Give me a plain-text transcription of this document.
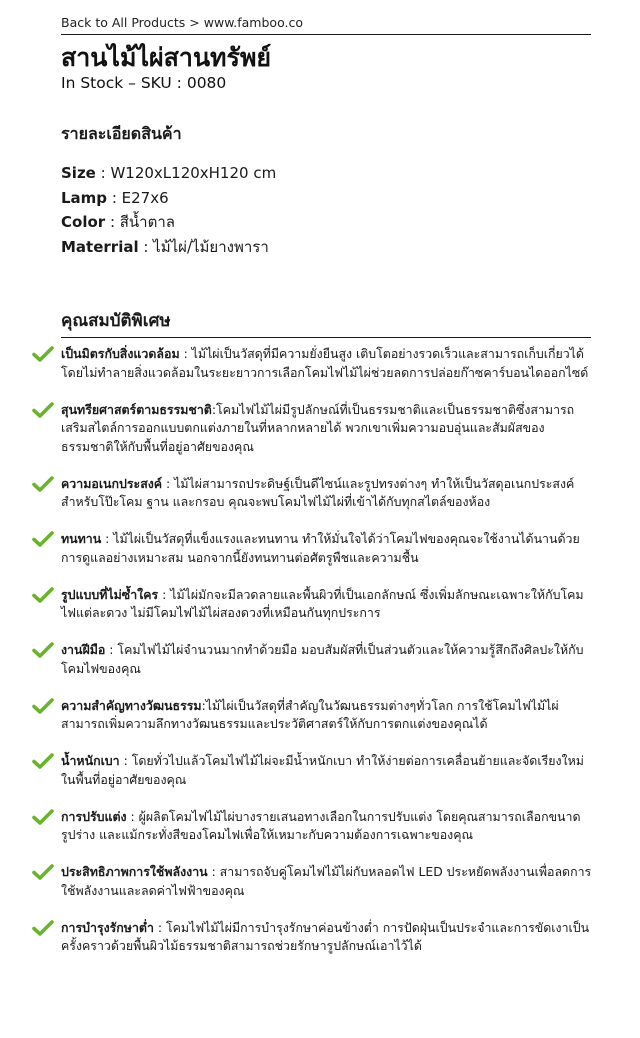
Back to All Products > www.famboo.co
สานไม้ไผ่สานทรัพย์
In Stock – SKU : 0080
รายละเอียดสินค้า
Size : W120xL120xH120 cm
Lamp : E27x6
Color : สีน้ำตาล
Materrial : ไม้ไผ่/ไม้ยางพารา
คุณสมบัติพิเศษ
เป็นมิตรกับสิ่งแวดล้อม : ไม้ไผ่เป็นวัสดุที่มีความยั่งยืนสูง เติบโตอย่างรวดเร็วและสามารถเก็บเกี่ยวได้โดยไม่ทำลายสิ่งแวดล้อมในระยะยาวการเลือกโคมไฟไม้ไผ่ช่วยลดการปล่อยก๊าซคาร์บอนไดออกไซด์
สุนทรียศาสตร์ตามธรรมชาติ:โคมไฟไม้ไผ่มีรูปลักษณ์ที่เป็นธรรมชาติและเป็นธรรมชาติซึ่งสามารถเสริมสไตล์การออกแบบตกแต่งภายในที่หลากหลายได้ พวกเขาเพิ่มความอบอุ่นและสัมผัสของธรรมชาติให้กับพื้นที่อยู่อาศัยของคุณ
ความอเนกประสงค์ : ไม้ไผ่สามารถประดิษฐ์เป็นดีไซน์และรูปทรงต่างๆ ทำให้เป็นวัสดุอเนกประสงค์สำหรับโป๊ะโคม ฐาน และกรอบ คุณจะพบโคมไฟไม้ไผ่ที่เข้าได้กับทุกสไตล์ของห้อง
ทนทาน : ไม้ไผ่เป็นวัสดุที่แข็งแรงและทนทาน ทำให้มั่นใจได้ว่าโคมไฟของคุณจะใช้งานได้นานด้วยการดูแลอย่างเหมาะสม นอกจากนี้ยังทนทานต่อศัตรูพืชและความชื้น
รูปแบบที่ไม่ซ้ำใคร : ไม้ไผ่มักจะมีลวดลายและพื้นผิวที่เป็นเอกลักษณ์ ซึ่งเพิ่มลักษณะเฉพาะให้กับโคมไฟแต่ละดวง ไม่มีโคมไฟไม้ไผ่สองดวงที่เหมือนกันทุกประการ
งานฝีมือ : โคมไฟไม้ไผ่จำนวนมากทำด้วยมือ มอบสัมผัสที่เป็นส่วนตัวและให้ความรู้สึกถึงศิลปะให้กับโคมไฟของคุณ
ความสำคัญทางวัฒนธรรม:ไม้ไผ่เป็นวัสดุที่สำคัญในวัฒนธรรมต่างๆทั่วโลก การใช้โคมไฟไม้ไผ่สามารถเพิ่มความลึกทางวัฒนธรรมและประวัติศาสตร์ให้กับการตกแต่งของคุณได้
น้ำหนักเบา : โดยทั่วไปแล้วโคมไฟไม้ไผ่จะมีน้ำหนักเบา ทำให้ง่ายต่อการเคลื่อนย้ายและจัดเรียงใหม่ในพื้นที่อยู่อาศัยของคุณ
การปรับแต่ง : ผู้ผลิตโคมไฟไม้ไผ่บางรายเสนอทางเลือกในการปรับแต่ง โดยคุณสามารถเลือกขนาด รูปร่าง และแม้กระทั่งสีของโคมไฟเพื่อให้เหมาะกับความต้องการเฉพาะของคุณ
ประสิทธิภาพการใช้พลังงาน : สามารถจับคู่โคมไฟไม้ไผ่กับหลอดไฟ LED ประหยัดพลังงานเพื่อลดการใช้พลังงานและลดค่าไฟฟ้าของคุณ
การบำรุงรักษาต่ำ : โคมไฟไม้ไผ่มีการบำรุงรักษาค่อนข้างต่ำ การปัดฝุ่นเป็นประจำและการขัดเงาเป็นครั้งคราวด้วยพื้นผิวไม้ธรรมชาติสามารถช่วยรักษารูปลักษณ์เอาไว้ได้
